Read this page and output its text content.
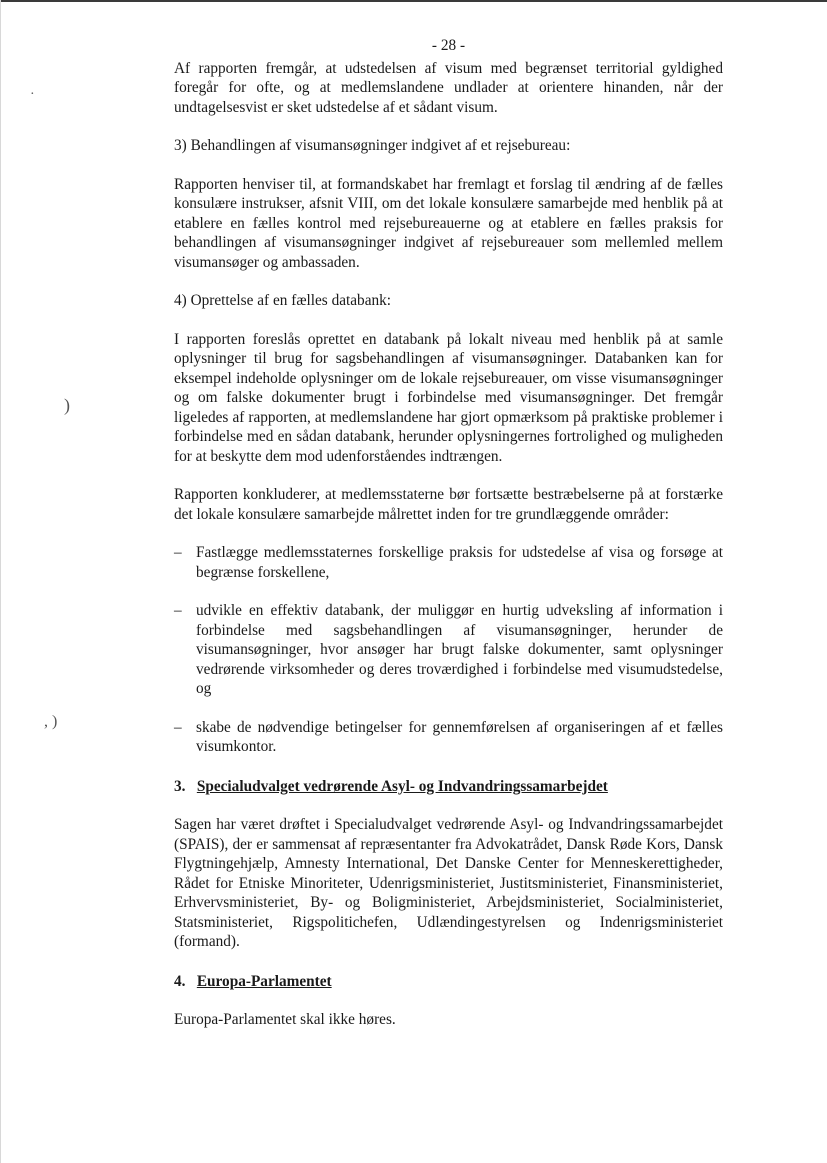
·
)
, )
- 28 -

Af rapporten fremgår, at udstedelsen af visum med begrænset territorial gyldighed foregår for ofte, og at medlemslandene undlader at orientere hinanden, når der undtagelsesvist er sket udstedelse af et sådant visum.

3) Behandlingen af visumansøgninger indgivet af et rejsebureau:

Rapporten henviser til, at formandskabet har fremlagt et forslag til ændring af de fælles konsulære instrukser, afsnit VIII, om det lokale konsulære samarbejde med henblik på at etablere en fælles kontrol med rejsebureauerne og at etablere en fælles praksis for behandlingen af visumansøgninger indgivet af rejsebureauer som mellemled mellem visumansøger og ambassaden.

4) Oprettelse af en fælles databank:

I rapporten foreslås oprettet en databank på lokalt niveau med henblik på at samle oplysninger til brug for sagsbehandlingen af visumansøgninger. Databanken kan for eksempel indeholde oplysninger om de lokale rejsebureauer, om visse visumansøgninger og om falske dokumenter brugt i forbindelse med visumansøgninger. Det fremgår ligeledes af rapporten, at medlemslandene har gjort opmærksom på praktiske problemer i forbindelse med en sådan databank, herunder oplysningernes fortrolighed og muligheden for at beskytte dem mod udenforståendes indtrængen.

Rapporten konkluderer, at medlemsstaterne bør fortsætte bestræbelserne på at forstærke det lokale konsulære samarbejde målrettet inden for tre grundlæggende områder:

– Fastlægge medlemsstaternes forskellige praksis for udstedelse af visa og forsøge at begrænse forskellene,
– udvikle en effektiv databank, der muliggør en hurtig udveksling af information i forbindelse med sagsbehandlingen af visumansøgninger, herunder de visumansøgninger, hvor ansøger har brugt falske dokumenter, samt oplysninger vedrørende virksomheder og deres troværdighed i forbindelse med visumudstedelse, og
– skabe de nødvendige betingelser for gennemførelsen af organiseringen af et fælles visumkontor.
3. Specialudvalget vedrørende Asyl- og Indvandringssamarbejdet

Sagen har været drøftet i Specialudvalget vedrørende Asyl- og Indvandringssamarbejdet (SPAIS), der er sammensat af repræsentanter fra Advokatrådet, Dansk Røde Kors, Dansk Flygtningehjælp, Amnesty International, Det Danske Center for Menneskerettigheder, Rådet for Etniske Minoriteter, Udenrigsministeriet, Justitsministeriet, Finansministeriet, Erhvervsministeriet, By- og Boligministeriet, Arbejdsministeriet, Socialministeriet, Statsministeriet, Rigspolitichefen, Udlændingestyrelsen og Indenrigsministeriet (formand).

4. Europa-Parlamentet

Europa-Parlamentet skal ikke høres.
